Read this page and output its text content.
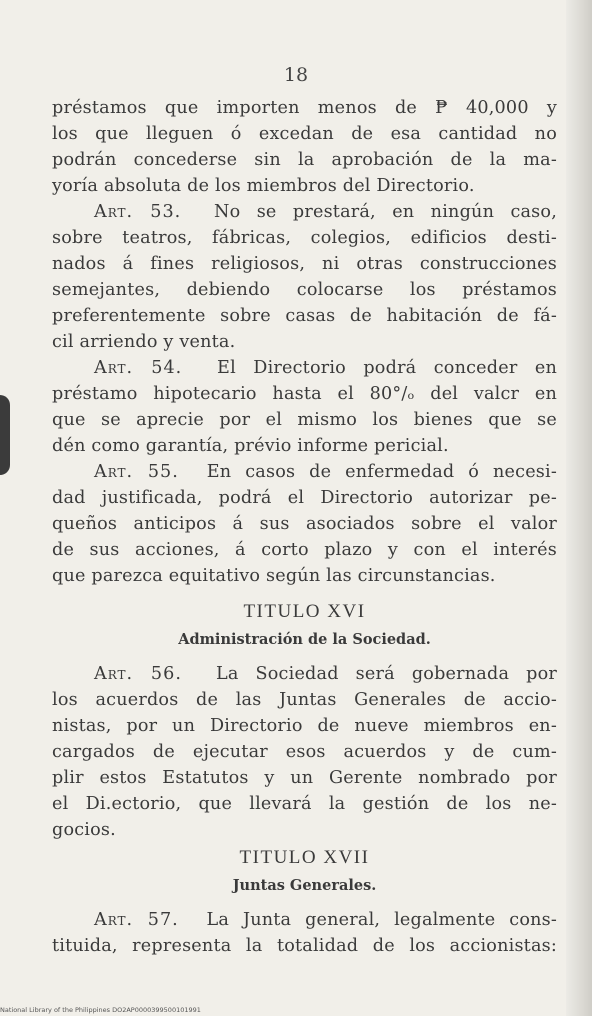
18
préstamos que importen menos de ₱ 40,000 y
los que lleguen ó excedan de esa cantidad no
podrán concederse sin la aprobación de la ma-
yoría absoluta de los miembros del Directorio.
Art. 53. No se prestará, en ningún caso,
sobre teatros, fábricas, colegios, edificios desti-
nados á fines religiosos, ni otras construcciones
semejantes, debiendo colocarse los préstamos
preferentemente sobre casas de habitación de fá-
cil arriendo y venta.
Art. 54. El Directorio podrá conceder en
préstamo hipotecario hasta el 80°/ₒ del valcr en
que se aprecie por el mismo los bienes que se
dén como garantía, prévio informe pericial.
Art. 55. En casos de enfermedad ó necesi-
dad justificada, podrá el Directorio autorizar pe-
queños anticipos á sus asociados sobre el valor
de sus acciones, á corto plazo y con el interés
que parezca equitativo según las circunstancias.
TITULO XVI
Administración de la Sociedad.
Art. 56. La Sociedad será gobernada por
los acuerdos de las Juntas Generales de accio-
nistas, por un Directorio de nueve miembros en-
cargados de ejecutar esos acuerdos y de cum-
plir estos Estatutos y un Gerente nombrado por
el Di.ectorio, que llevará la gestión de los ne-
gocios.
TITULO XVII
Juntas Generales.
Art. 57. La Junta general, legalmente cons-
tituida, representa la totalidad de los accionistas:
National Library of the Philippines DO2AP0000399500101991
